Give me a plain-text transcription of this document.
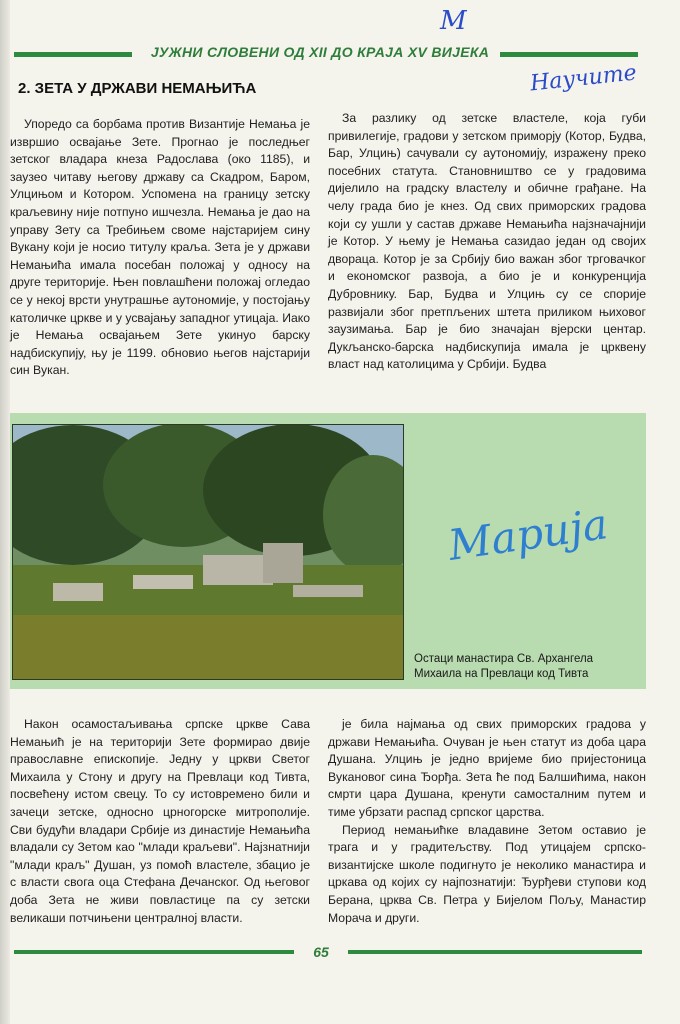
ЈУЖНИ СЛОВЕНИ ОД XII ДО КРАЈА XV ВИЈЕКА
2. ЗЕТА У ДРЖАВИ НЕМАЊИЋА

Упоредо са борбама против Византије Немања је извршио освајање Зете. Прогнао је последњег зетског владара кнеза Радослава (око 1185), и заузео читаву његову државу са Скадром, Баром, Улцињом и Котором. Успомена на границу зетску краљевину није потпуно ишчезла. Немања је дао на управу Зету са Требињем своме најстаријем сину Вукану који је носио титулу краља. Зета је у држави Немањића имала посебан положај у односу на друге територије. Њен повлашћени положај огледао се у некој врсти унутрашње аутономије, у постојању католичке цркве и у усвајању западног утицаја. Иако је Немања освајањем Зете укинуо барску надбискупију, њу је 1199. обновио његов најстарији син Вукан.

За разлику од зетске властеле, која губи привилегије, градови у зетском приморју (Котор, Будва, Бар, Улцињ) сачували су аутономију, изражену преко посебних статута. Становништво се у градовима дијелило на градску властелу и обичне грађане. На челу града био је кнез. Од свих приморских градова који су ушли у састав државе Немањића најзначајнији је Котор. У њему је Немања сазидао један од својих двораца. Котор је за Србију био важан због трговачког и економског развоја, а био је и конкуренција Дубровнику. Бар, Будва и Улцињ су се спорије развијали због претпљених штета приликом њиховог заузимања. Бар је био значајан вјерски центар. Дукљанско-барска надбискупија имала је црквену власт над католицима у Србији. Будва

Остаци манастира Св. Архангела Михаила на Превлаци код Тивта

Након осамостаљивања српске цркве Сава Немањић је на територији Зете формирао двије православне епископије. Једну у цркви Светог Михаила у Стону и другу на Превлаци код Тивта, посвећену истом свецу. То су истовремено били и зачеци зетске, односно црногорске митрополије. Сви будући владари Србије из династије Немањића владали су Зетом као "млади краљеви". Најзнатнији "млади краљ" Душан, уз помоћ властеле, збацио је с власти свога оца Стефана Дечанског. Од његовог доба Зета не живи повластице па су зетски великаши потчињени централној власти.

је била најмања од свих приморских градова у држави Немањића. Очуван је њен статут из доба цара Душана. Улцињ је једно вријеме био пријестоница Вукановог сина Ђорђа. Зета ће под Балшићима, након смрти цара Душана, кренути самосталним путем и тиме убрзати распад српског царства.

Период немањићке владавине Зетом оставио је трага и у градитељству. Под утицајем српско-византијске школе подигнуто је неколико манастира и цркава од којих су најпознатији: Ђурђеви ступови код Берана, црква Св. Петра у Бијелом Пољу, Манастир Морача и други.

65
М
Научите
Марија
